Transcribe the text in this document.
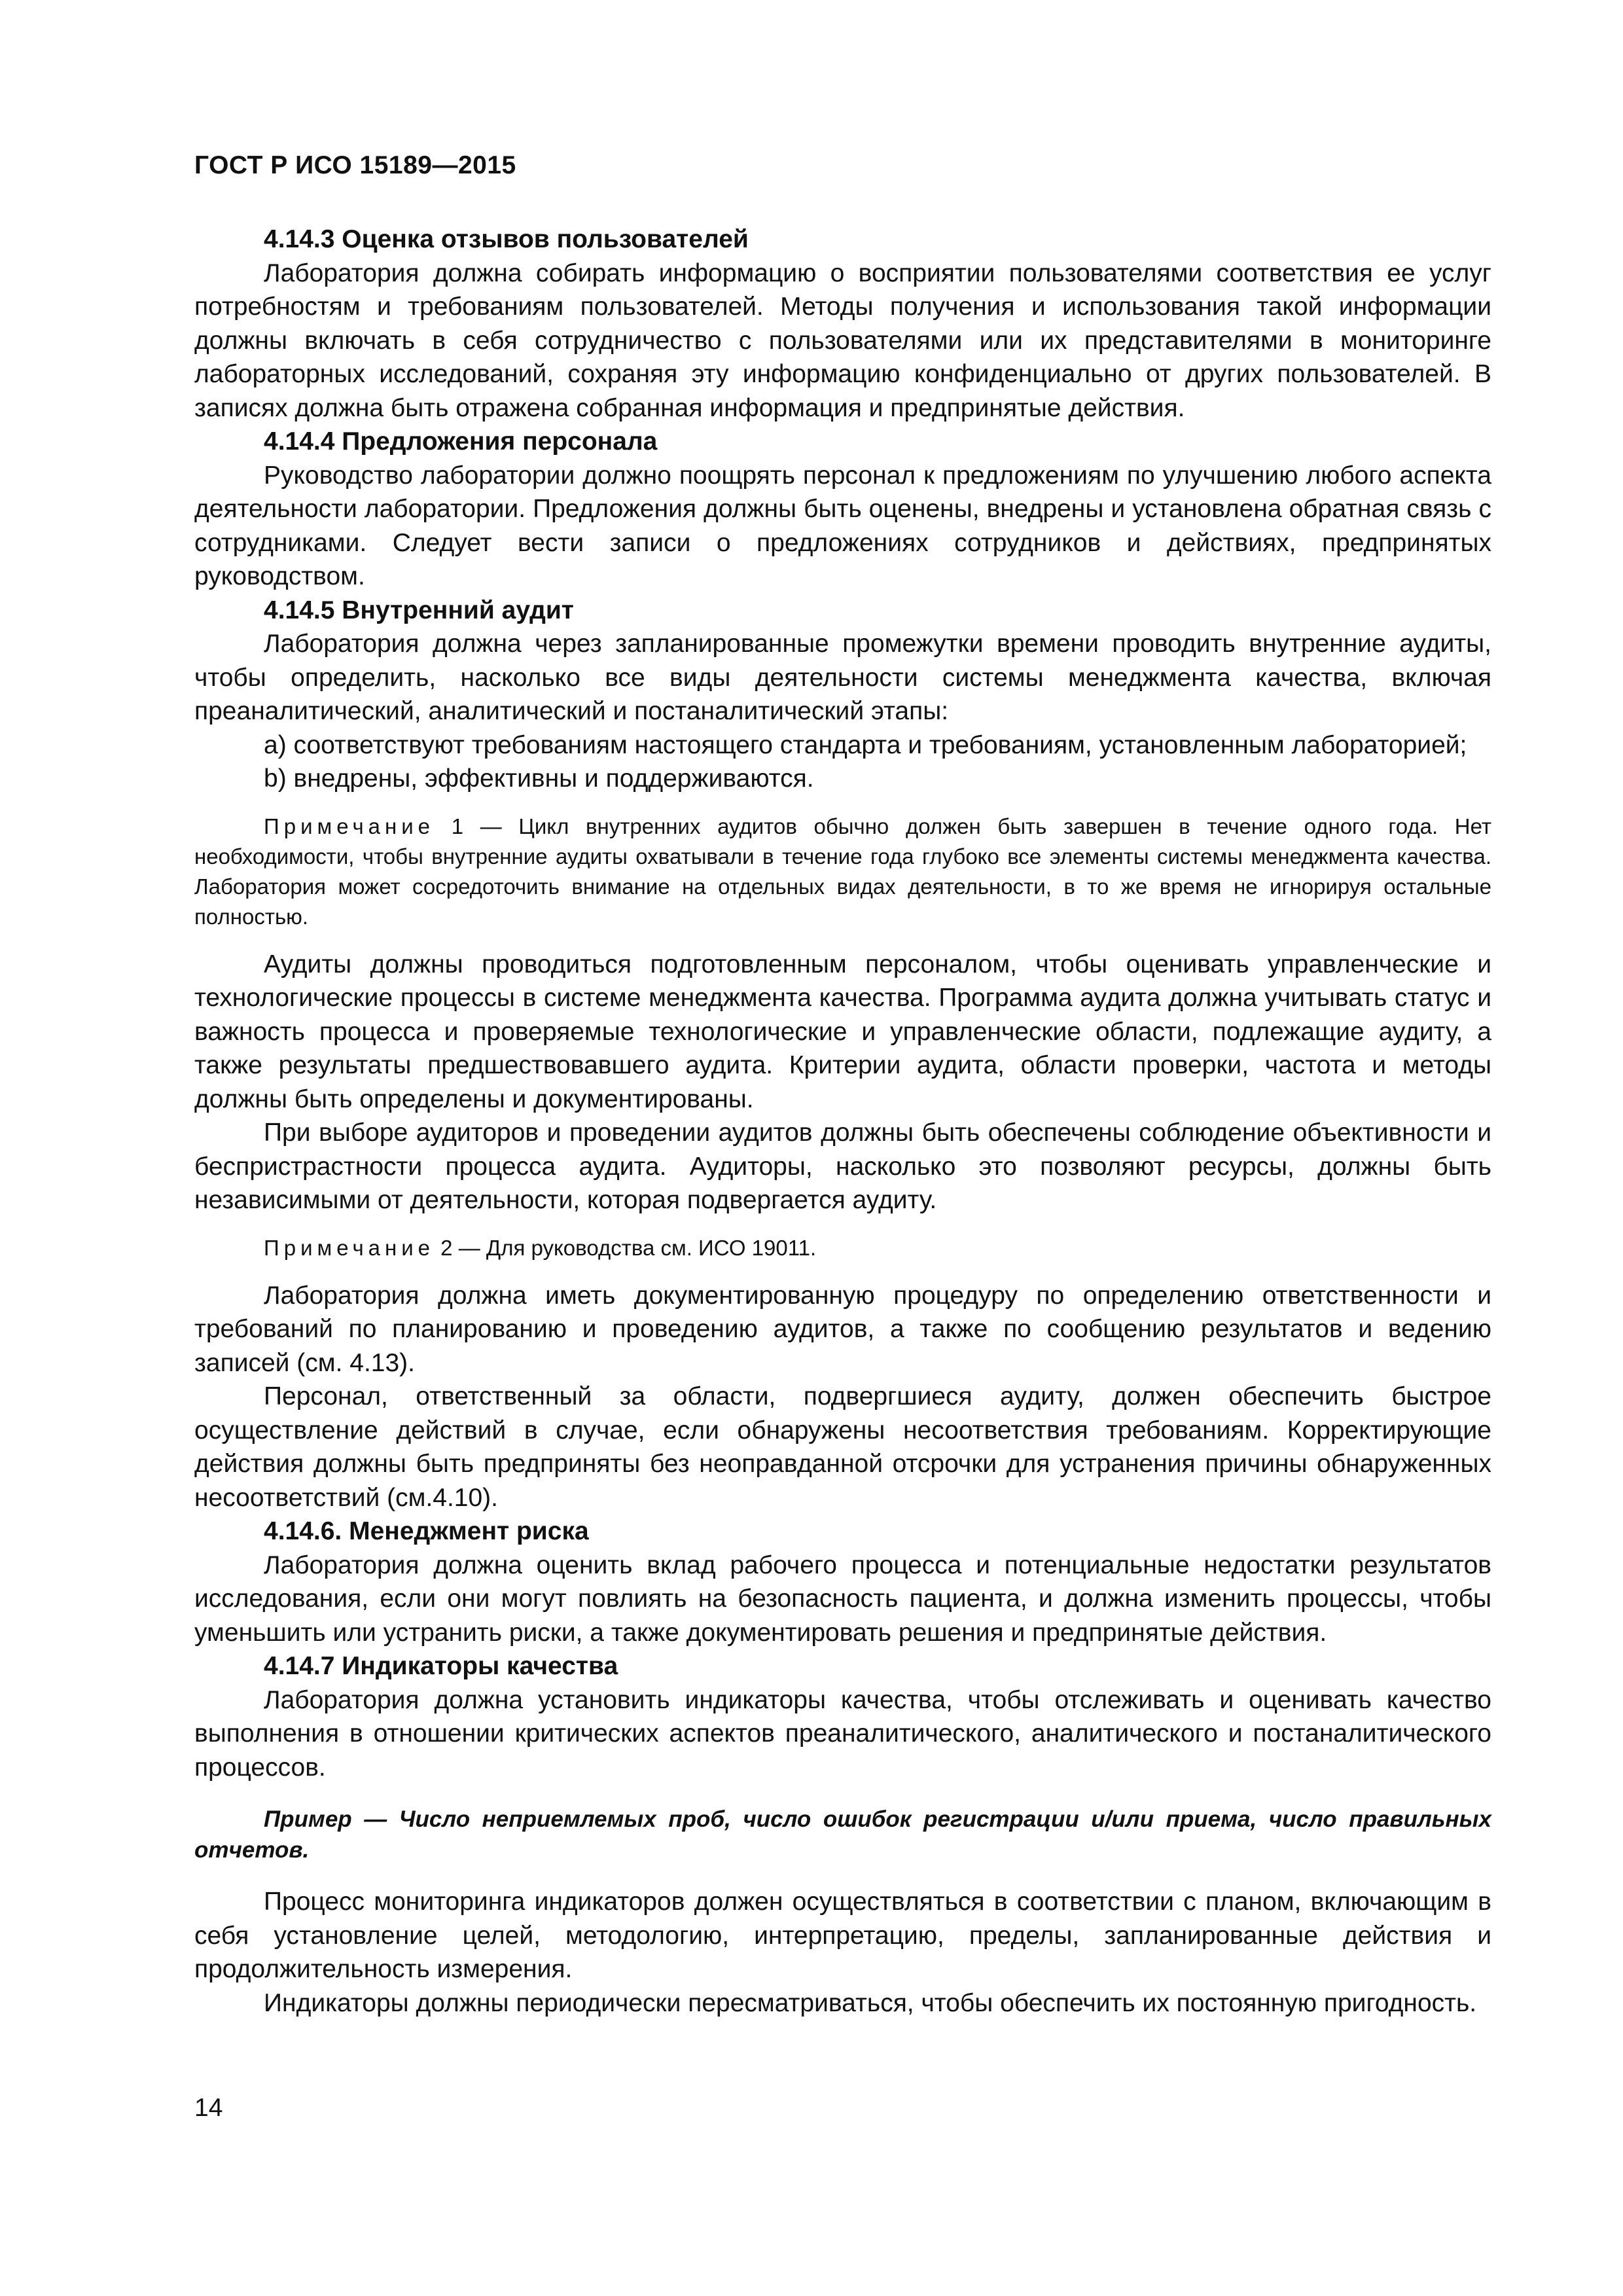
ГОСТ Р ИСО 15189—2015

4.14.3 Оценка отзывов пользователей

Лаборатория должна собирать информацию о восприятии пользователями соответствия ее услуг потребностям и требованиям пользователей. Методы получения и использования такой информации должны включать в себя сотрудничество с пользователями или их представителями в мониторинге лабораторных исследований, сохраняя эту информацию конфиденциально от других пользователей. В записях должна быть отражена собранная информация и предпринятые действия.

4.14.4 Предложения персонала

Руководство лаборатории должно поощрять персонал к предложениям по улучшению любого аспекта деятельности лаборатории. Предложения должны быть оценены, внедрены и установлена обратная связь с сотрудниками. Следует вести записи о предложениях сотрудников и действиях, предпринятых руководством.

4.14.5 Внутренний аудит

Лаборатория должна через запланированные промежутки времени проводить внутренние аудиты, чтобы определить, насколько все виды деятельности системы менеджмента качества, включая преаналитический, аналитический и постаналитический этапы:

а) соответствуют требованиям настоящего стандарта и требованиям, установленным лабораторией;

b) внедрены, эффективны и поддерживаются.

Примечание 1 — Цикл внутренних аудитов обычно должен быть завершен в течение одного года. Нет необходимости, чтобы внутренние аудиты охватывали в течение года глубоко все элементы системы менеджмента качества. Лаборатория может сосредоточить внимание на отдельных видах деятельности, в то же время не игнорируя остальные полностью.

Аудиты должны проводиться подготовленным персоналом, чтобы оценивать управленческие и технологические процессы в системе менеджмента качества. Программа аудита должна учитывать статус и важность процесса и проверяемые технологические и управленческие области, подлежащие аудиту, а также результаты предшествовавшего аудита. Критерии аудита, области проверки, частота и методы должны быть определены и документированы.

При выборе аудиторов и проведении аудитов должны быть обеспечены соблюдение объективности и беспристрастности процесса аудита. Аудиторы, насколько это позволяют ресурсы, должны быть независимыми от деятельности, которая подвергается аудиту.

Примечание 2 — Для руководства см. ИСО 19011.

Лаборатория должна иметь документированную процедуру по определению ответственности и требований по планированию и проведению аудитов, а также по сообщению результатов и ведению записей (см. 4.13).

Персонал, ответственный за области, подвергшиеся аудиту, должен обеспечить быстрое осуществление действий в случае, если обнаружены несоответствия требованиям. Корректирующие действия должны быть предприняты без неоправданной отсрочки для устранения причины обнаруженных несоответствий (см.4.10).

4.14.6. Менеджмент риска

Лаборатория должна оценить вклад рабочего процесса и потенциальные недостатки результатов исследования, если они могут повлиять на безопасность пациента, и должна изменить процессы, чтобы уменьшить или устранить риски, а также документировать решения и предпринятые действия.

4.14.7 Индикаторы качества

Лаборатория должна установить индикаторы качества, чтобы отслеживать и оценивать качество выполнения в отношении критических аспектов преаналитического, аналитического и постаналитического процессов.

Пример — Число неприемлемых проб, число ошибок регистрации и/или приема, число правильных отчетов.

Процесс мониторинга индикаторов должен осуществляться в соответствии с планом, включающим в себя установление целей, методологию, интерпретацию, пределы, запланированные действия и продолжительность измерения.

Индикаторы должны периодически пересматриваться, чтобы обеспечить их постоянную пригодность.

14
